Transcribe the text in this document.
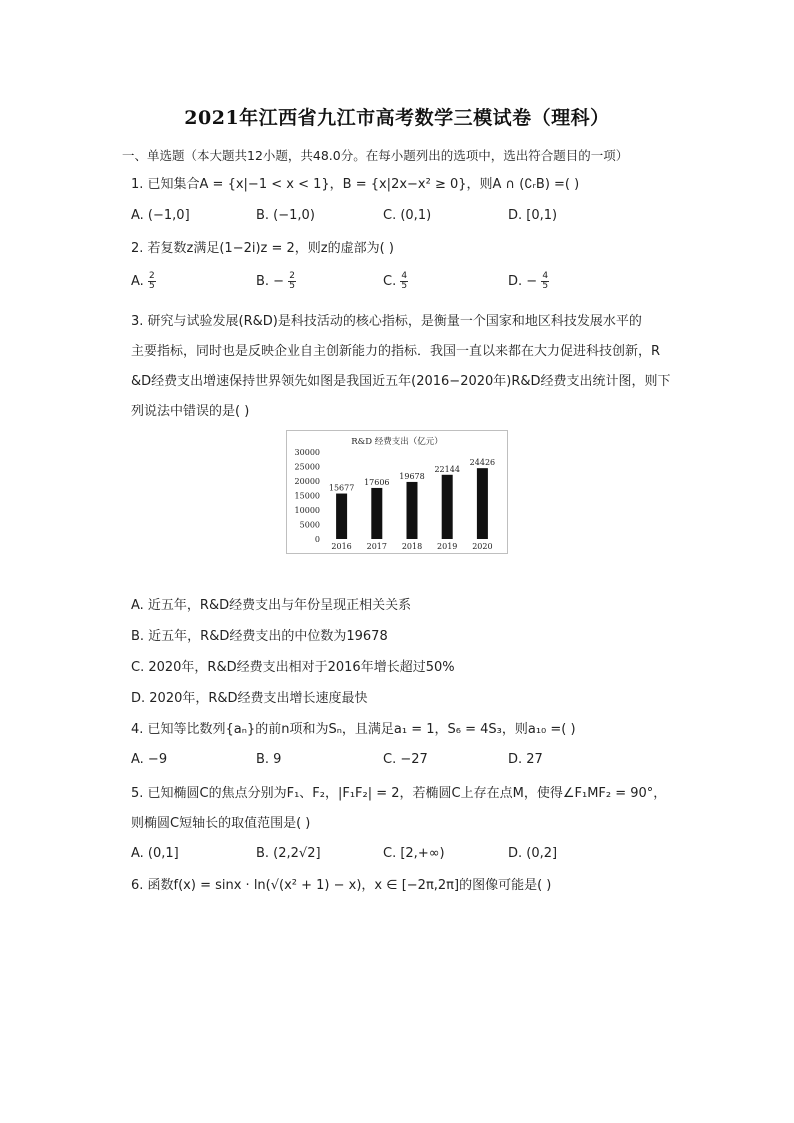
2021年江西省九江市高考数学三模试卷（理科）
一、单选题（本大题共12小题，共48.0分。在每小题列出的选项中，选出符合题目的一项）
1. 已知集合A = {x|−1 < x < 1}，B = {x|2x−x² ≥ 0}，则A ∩ (∁ᵣB) =( )
A. (−1,0]	B. (−1,0)	C. (0,1)	D. [0,1)
2. 若复数z满足(1−2i)z = 2，则z的虚部为( )
A. $\frac{2}{5}$	B. − $\frac{2}{5}$	C. $\frac{4}{5}$	D. − $\frac{4}{5}$
3. 研究与试验发展(R&D)是科技活动的核心指标，是衡量一个国家和地区科技发展水平的
主要指标，同时也是反映企业自主创新能力的指标．我国一直以来都在大力促进科技创新，R
&D经费支出增速保持世界领先如图是我国近五年(2016−2020年)R&D经费支出统计图，则下
列说法中错误的是( )
R&D 经费支出（亿元）
30000
25000
20000
15000
10000
5000
0
15677
17606
19678
22144
24426
2016 2017 2018 2019 2020
A. 近五年，R&D经费支出与年份呈现正相关关系
B. 近五年，R&D经费支出的中位数为19678
C. 2020年，R&D经费支出相对于2016年增长超过50%
D. 2020年，R&D经费支出增长速度最快
4. 已知等比数列{aₙ}的前n项和为Sₙ，且满足a₁ = 1，S₆ = 4S₃，则a₁₀ =( )
A. −9	B. 9	C. −27	D. 27
5. 已知椭圆C的焦点分别为F₁、F₂，|F₁F₂| = 2，若椭圆C上存在点M，使得∠F₁MF₂ = 90°，
则椭圆C短轴长的取值范围是( )
A. (0,1]	B. (2,2√2]	C. [2,+∞)	D. (0,2]
6. 函数f(x) = sinx · ln(√(x² + 1) − x)，x ∈ [−2π,2π]的图像可能是( )
